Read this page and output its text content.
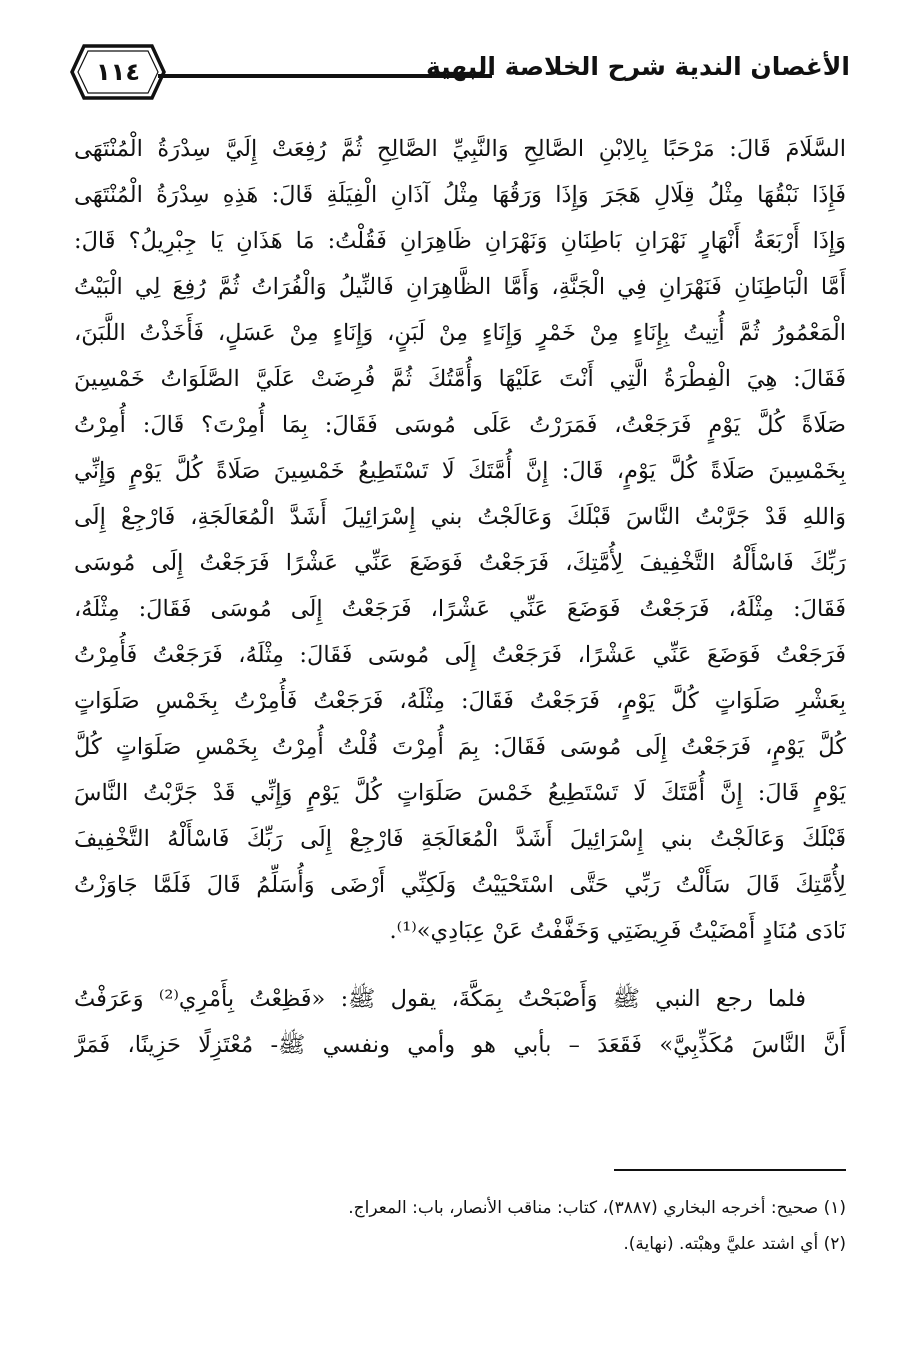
١١٤	الأغصان الندية شرح الخلاصة البهية
السَّلَامَ قَالَ: مَرْحَبًا بِالِابْنِ الصَّالِحِ وَالنَّبِيِّ الصَّالِحِ ثُمَّ رُفِعَتْ إِلَيَّ سِدْرَةُ الْمُنْتَهَى
فَإِذَا نَبْقُهَا مِثْلُ قِلَالِ هَجَرَ وَإِذَا وَرَقُهَا مِثْلُ آذَانِ الْفِيَلَةِ قَالَ: هَذِهِ سِدْرَةُ الْمُنْتَهَى
وَإِذَا أَرْبَعَةُ أَنْهَارٍ نَهْرَانِ بَاطِنَانِ وَنَهْرَانِ ظَاهِرَانِ فَقُلْتُ: مَا هَذَانِ يَا جِبْرِيلُ؟ قَالَ:
أَمَّا الْبَاطِنَانِ فَنَهْرَانِ فِي الْجَنَّةِ، وَأَمَّا الظَّاهِرَانِ فَالنِّيلُ وَالْفُرَاتُ ثُمَّ رُفِعَ لِي الْبَيْتُ
الْمَعْمُورُ ثُمَّ أُتِيتُ بِإِنَاءٍ مِنْ خَمْرٍ وَإِنَاءٍ مِنْ لَبَنٍ، وَإِنَاءٍ مِنْ عَسَلٍ، فَأَخَذْتُ اللَّبَنَ،
فَقَالَ: هِيَ الْفِطْرَةُ الَّتِي أَنْتَ عَلَيْهَا وَأُمَّتُكَ ثُمَّ فُرِضَتْ عَلَيَّ الصَّلَوَاتُ خَمْسِينَ
صَلَاةً كُلَّ يَوْمٍ فَرَجَعْتُ، فَمَرَرْتُ عَلَى مُوسَى فَقَالَ: بِمَا أُمِرْتَ؟ قَالَ: أُمِرْتُ
بِخَمْسِينَ صَلَاةً كُلَّ يَوْمٍ، قَالَ: إِنَّ أُمَّتَكَ لَا تَسْتَطِيعُ خَمْسِينَ صَلَاةً كُلَّ يَوْمٍ وَإِنِّي
وَاللهِ قَدْ جَرَّبْتُ النَّاسَ قَبْلَكَ وَعَالَجْتُ بني إِسْرَائِيلَ أَشَدَّ الْمُعَالَجَةِ، فَارْجِعْ إِلَى
رَبِّكَ فَاسْأَلْهُ التَّخْفِيفَ لِأُمَّتِكَ، فَرَجَعْتُ فَوَضَعَ عَنِّي عَشْرًا فَرَجَعْتُ إِلَى مُوسَى
فَقَالَ: مِثْلَهُ، فَرَجَعْتُ فَوَضَعَ عَنِّي عَشْرًا، فَرَجَعْتُ إِلَى مُوسَى فَقَالَ: مِثْلَهُ،
فَرَجَعْتُ فَوَضَعَ عَنِّي عَشْرًا، فَرَجَعْتُ إِلَى مُوسَى فَقَالَ: مِثْلَهُ، فَرَجَعْتُ فَأُمِرْتُ
بِعَشْرِ صَلَوَاتٍ كُلَّ يَوْمٍ، فَرَجَعْتُ فَقَالَ: مِثْلَهُ، فَرَجَعْتُ فَأُمِرْتُ بِخَمْسِ صَلَوَاتٍ
كُلَّ يَوْمٍ، فَرَجَعْتُ إِلَى مُوسَى فَقَالَ: بِمَ أُمِرْتَ قُلْتُ أُمِرْتُ بِخَمْسِ صَلَوَاتٍ كُلَّ
يَوْمٍ قَالَ: إِنَّ أُمَّتَكَ لَا تَسْتَطِيعُ خَمْسَ صَلَوَاتٍ كُلَّ يَوْمٍ وَإِنِّي قَدْ جَرَّبْتُ النَّاسَ
قَبْلَكَ وَعَالَجْتُ بني إِسْرَائِيلَ أَشَدَّ الْمُعَالَجَةِ فَارْجِعْ إِلَى رَبِّكَ فَاسْأَلْهُ التَّخْفِيفَ
لِأُمَّتِكَ قَالَ سَأَلْتُ رَبِّي حَتَّى اسْتَحْيَيْتُ وَلَكِنِّي أَرْضَى وَأُسَلِّمُ قَالَ فَلَمَّا جَاوَزْتُ
نَادَى مُنَادٍ أَمْضَيْتُ فَرِيضَتِي وَخَفَّفْتُ عَنْ عِبَادِي»⁽¹⁾.
فلما رجع النبي ﷺ وَأَصْبَحْتُ بِمَكَّةَ، يقول ﷺ: «فَظِعْتُ بِأَمْرِي⁽²⁾ وَعَرَفْتُ
أَنَّ النَّاسَ مُكَذِّبِيَّ» فَقَعَدَ – بأبي هو وأمي ونفسي ﷺ- مُعْتَزِلًا حَزِينًا، فَمَرَّ
(١) صحيح: أخرجه البخاري (٣٨٨٧)، كتاب: مناقب الأنصار، باب: المعراج.
(٢) أي اشتد عليَّ وهبْته. (نهاية).
